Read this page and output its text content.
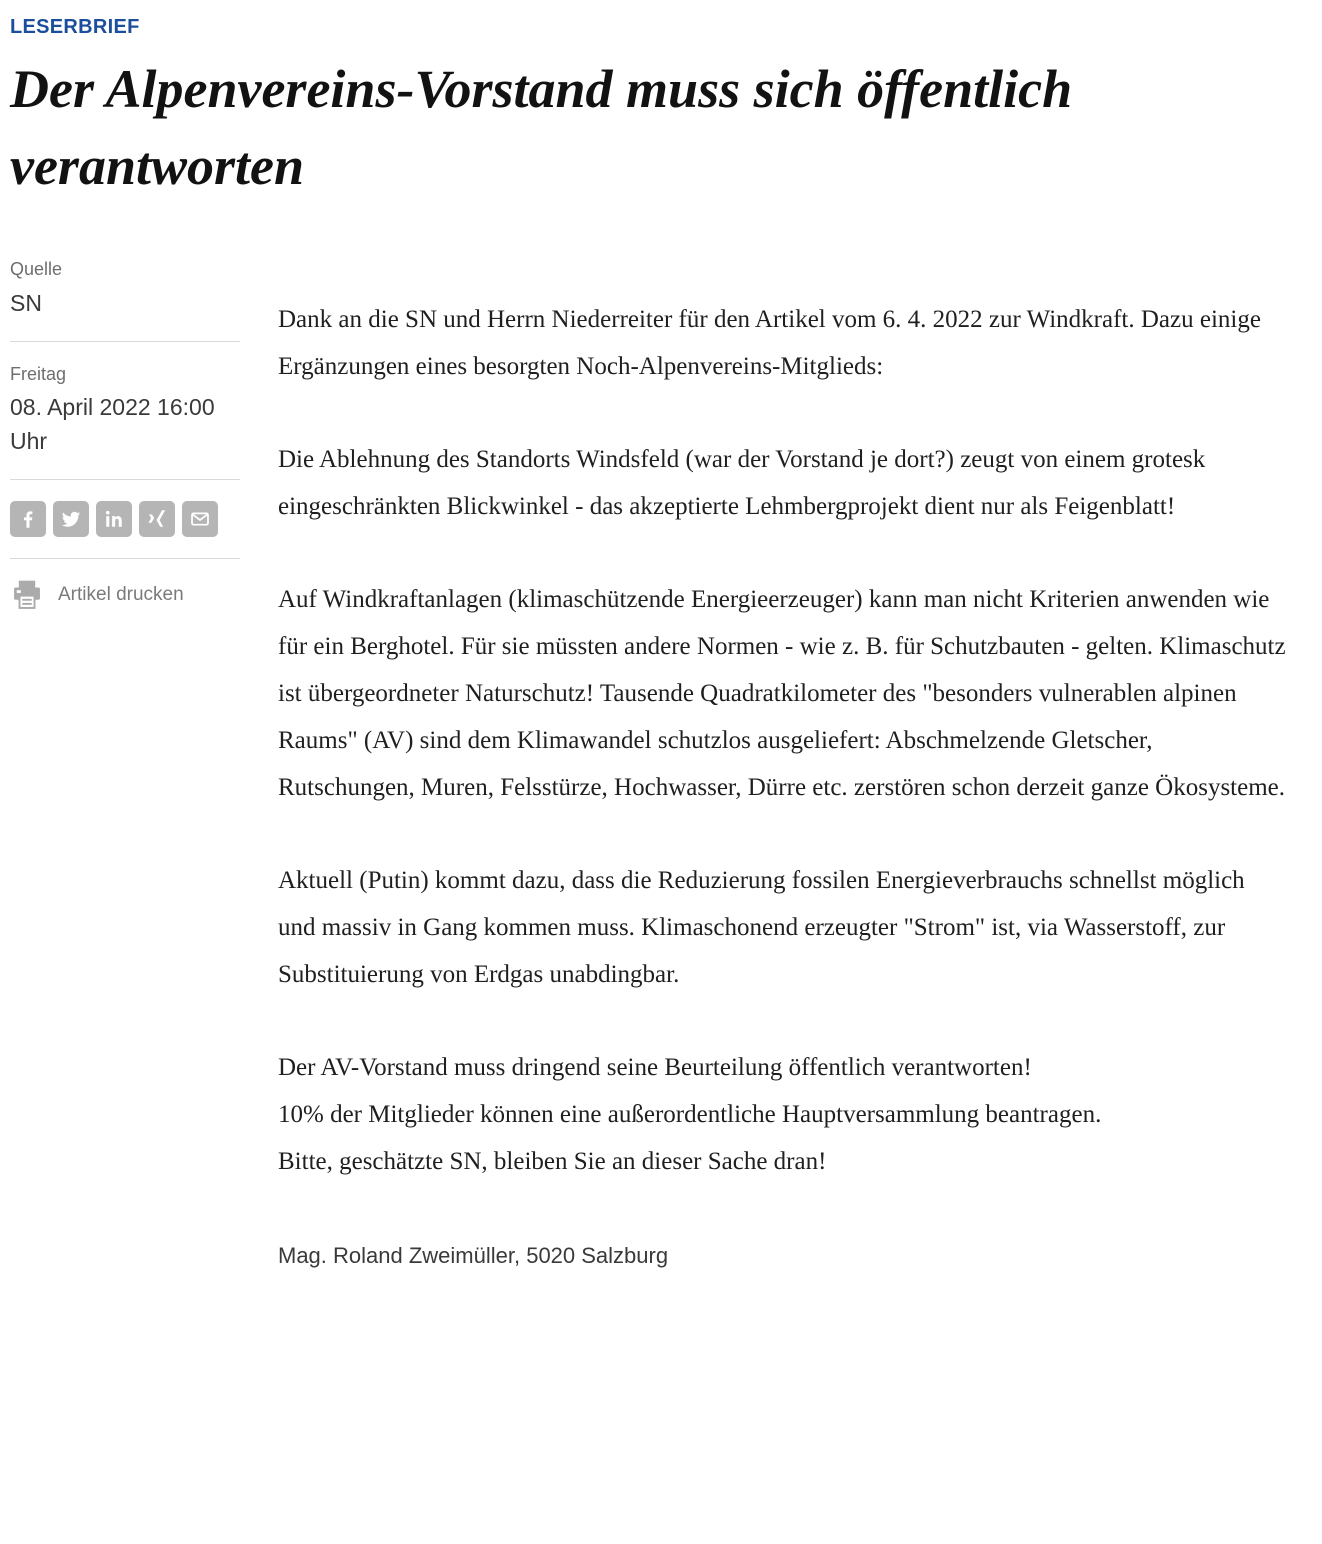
LESERBRIEF
Der Alpenvereins-Vorstand muss sich öffentlich verantworten
Quelle
SN
Freitag
08. April 2022 16:00 Uhr
Artikel drucken

Dank an die SN und Herrn Niederreiter für den Artikel vom 6. 4. 2022 zur Windkraft. Dazu einige Ergänzungen eines besorgten Noch-Alpenvereins-Mitglieds:

Die Ablehnung des Standorts Windsfeld (war der Vorstand je dort?) zeugt von einem grotesk eingeschränkten Blickwinkel - das akzeptierte Lehmbergprojekt dient nur als Feigenblatt!

Auf Windkraftanlagen (klimaschützende Energieerzeuger) kann man nicht Kriterien anwenden wie für ein Berghotel. Für sie müssten andere Normen - wie z. B. für Schutzbauten - gelten. Klimaschutz ist übergeordneter Naturschutz! Tausende Quadratkilometer des "besonders vulnerablen alpinen Raums" (AV) sind dem Klimawandel schutzlos ausgeliefert: Abschmelzende Gletscher, Rutschungen, Muren, Felsstürze, Hochwasser, Dürre etc. zerstören schon derzeit ganze Ökosysteme.

Aktuell (Putin) kommt dazu, dass die Reduzierung fossilen Energieverbrauchs schnellst möglich und massiv in Gang kommen muss. Klimaschonend erzeugter "Strom" ist, via Wasserstoff, zur Substituierung von Erdgas unabdingbar.

Der AV-Vorstand muss dringend seine Beurteilung öffentlich verantworten!
10% der Mitglieder können eine außerordentliche Hauptversammlung beantragen.
Bitte, geschätzte SN, bleiben Sie an dieser Sache dran!

Mag. Roland Zweimüller, 5020 Salzburg
